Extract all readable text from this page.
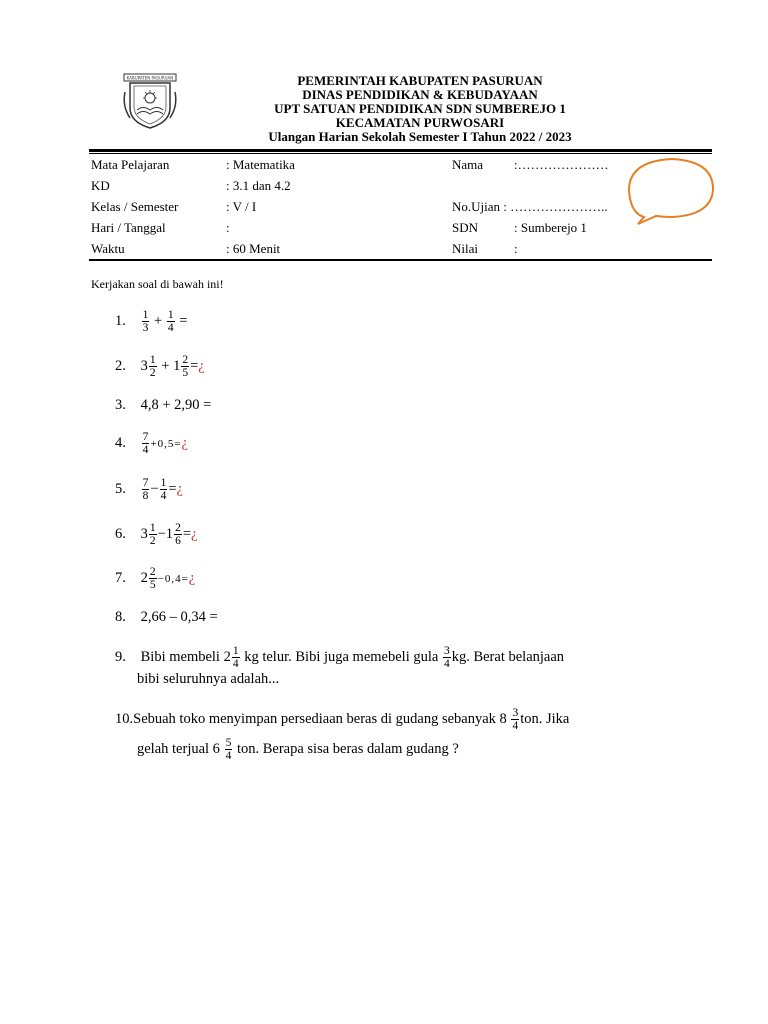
KABUPATEN PASURUAN	PEMERINTAH KABUPATEN PASURUAN
DINAS PENDIDIKAN & KEBUDAYAAN
UPT SATUAN PENDIDIKAN SDN SUMBEREJO 1
KECAMATAN PURWOSARI
Ulangan Harian Sekolah Semester I Tahun 2022 / 2023
Mata Pelajaran	: Matematika
KD	: 3.1 dan 4.2
Kelas / Semester	: V / I
Hari / Tanggal	:
Waktu	: 60 Menit
Nama :…………………
No.Ujian : …………………..
SDN	: Sumberejo 1
Nilai	:
Kerjakan soal di bawah ini!
1. $\frac{1}{3} + \frac{1}{4}$ =
2. $3 \frac{1}{2} + 1 \frac{2}{5}$ =¿
3. 4,8 + 2,90 =
4. $\frac{7}{4}$ +0,5=¿
5. $\frac{7}{8} - \frac{1}{4}$ =¿
6. $3 \frac{1}{2} -1 \frac{2}{6}$ =¿
7. $2 \frac{2}{5}$ −0,4=¿
8. 2,66 – 0,34 =
9. Bibi membeli $2 \frac{1}{4}$ kg telur. Bibi juga memebeli gula $\frac{3}{4}$ kg. Berat belanjaan
bibi seluruhnya adalah...
10.Sebuah toko menyimpan persediaan beras di gudang sebanyak $8 \frac{3}{4}$ ton. Jika
gelah terjual $6 \frac{5}{4}$ ton. Berapa sisa beras dalam gudang ?
